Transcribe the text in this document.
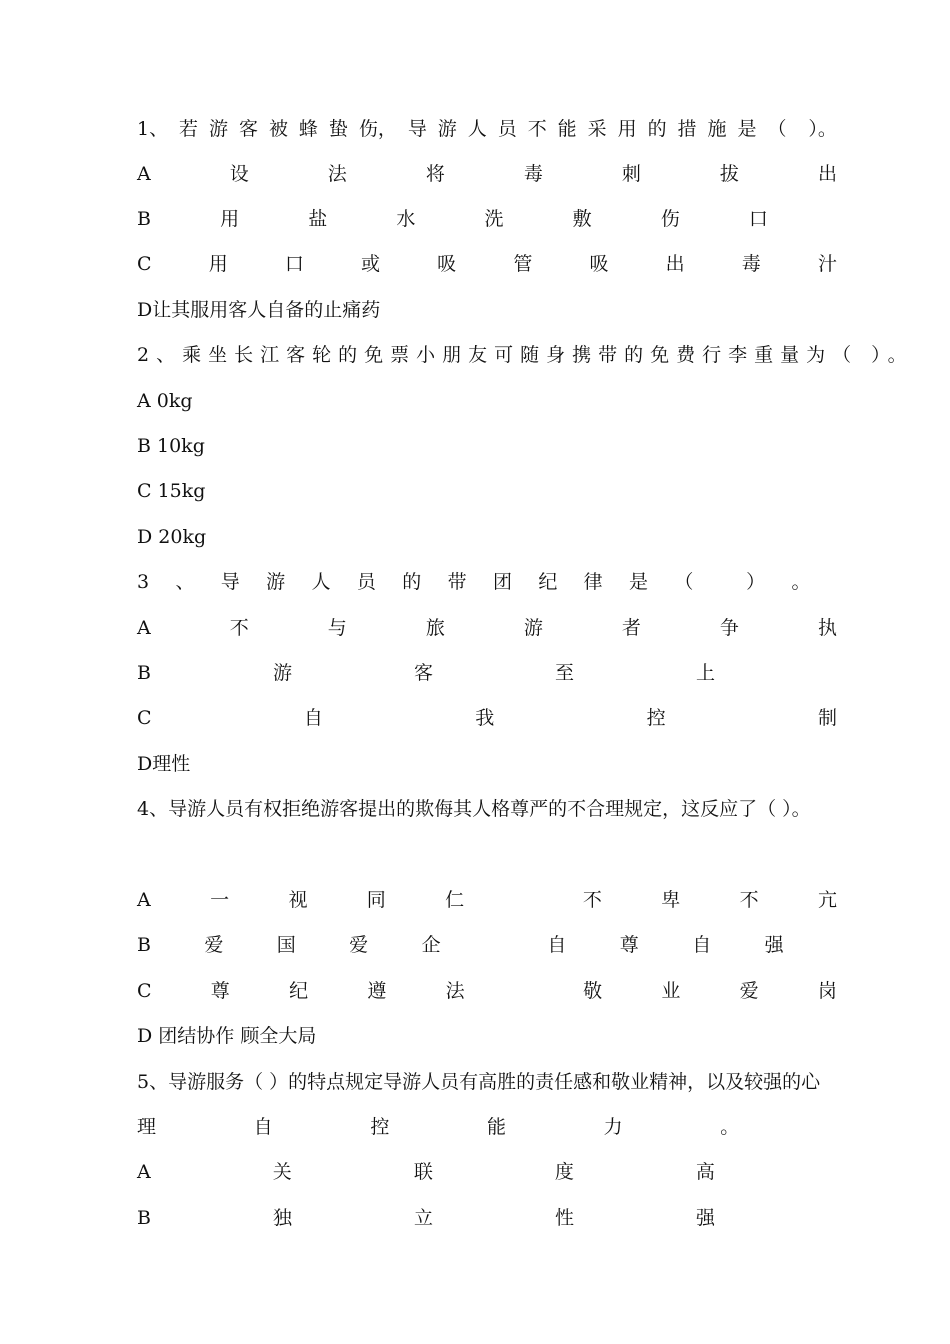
1、 若 游 客 被 蜂 蛰 伤， 导 游 人 员 不 能 采 用 的 措 施 是 （ ）。
A	设	法	将	毒	刺	拔	出
B	用	盐	水	洗	敷	伤	口
C	用	口	或	吸	管	吸	出	毒	汁
D让其服用客人自备的止痛药
2、乘坐长江客轮的免票小朋友可随身携带的免费行李重量为（ ）。
A 0kg
B 10kg
C 15kg
D 20kg
3 、 导 游 人 员 的 带 团 纪 律 是 （	） 。
A	不	与	旅	游	者	争	执
B	游	客	至	上
C	自	我	控	制
D理性
4、导游人员有权拒绝游客提出的欺侮其人格尊严的不合理规定，这反应了（ ）。
A	一	视	同	仁	不	卑	不	亢
B	爱	国	爱	企	自	尊	自	强
C	尊	纪	遵	法	敬	业	爱	岗
D 团结协作 顾全大局
5、导游服务（ ）的特点规定导游人员有高胜的责任感和敬业精神，以及较强的心
理	自	控	能	力	。
A	关	联	度	高
B	独	立	性	强
